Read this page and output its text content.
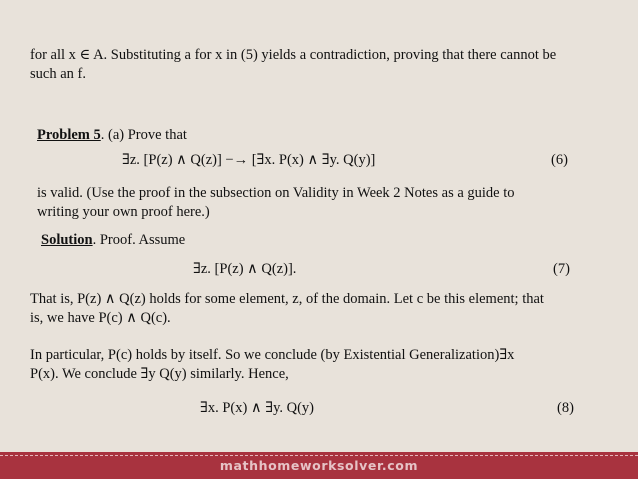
for all x ∈ A. Substituting a for x in (5) yields a contradiction, proving that there cannot be
such an f.
Problem 5. (a) Prove that
∃z. [P(z) ∧ Q(z)] −→ [∃x. P(x) ∧ ∃y. Q(y)]	(6)
is valid. (Use the proof in the subsection on Validity in Week 2 Notes as a guide to
writing your own proof here.)
Solution. Proof. Assume
∃z. [P(z) ∧ Q(z)].	(7)
That is, P(z) ∧ Q(z) holds for some element, z, of the domain. Let c be this element; that
is, we have P(c) ∧ Q(c).
In particular, P(c) holds by itself. So we conclude (by Existential Generalization)∃x
P(x). We conclude ∃y Q(y) similarly. Hence,
∃x. P(x) ∧ ∃y. Q(y)	(8)
mathhomeworksolver.com
